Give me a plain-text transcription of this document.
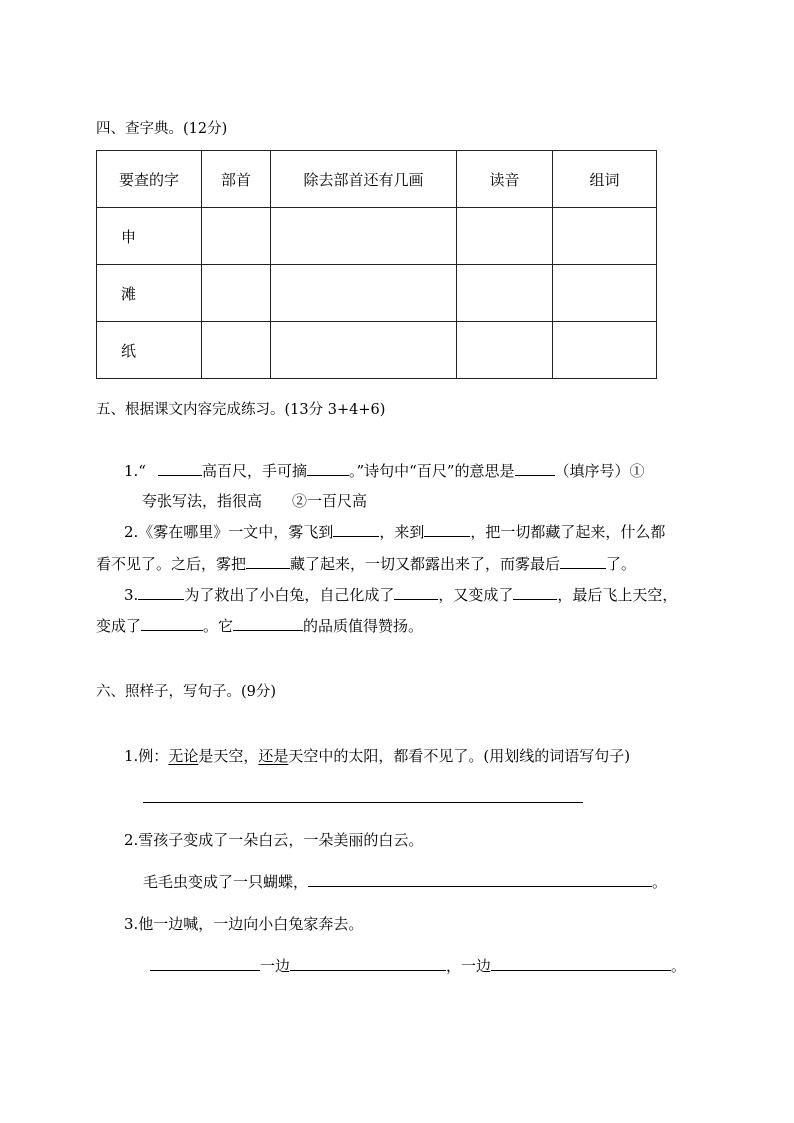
四、查字典。(12分)
要查的字	部首	除去部首还有几画	读音	组词
申				
滩				
纸				
五、根据课文内容完成练习。(13分 3+4+6)
1.“	高百尺，手可摘	。”诗句中“百尺”的意思是	（填序号）①
夸张写法，指很高　　②一百尺高
2.《雾在哪里》一文中，雾飞到	，来到	，把一切都藏了起来，什么都
看不见了。之后，雾把	藏了起来，一切又都露出来了，而雾最后	了。
3.	为了救出了小白兔，自己化成了	，又变成了	，最后飞上天空，
变成了	。它	的品质值得赞扬。
六、照样子，写句子。(9分)
1.例：无论是天空，还是天空中的太阳，都看不见了。(用划线的词语写句子)
2.雪孩子变成了一朵白云，一朵美丽的白云。
毛毛虫变成了一只蝴蝶，	。
3.他一边喊，一边向小白兔家奔去。
一边	，一边	。
